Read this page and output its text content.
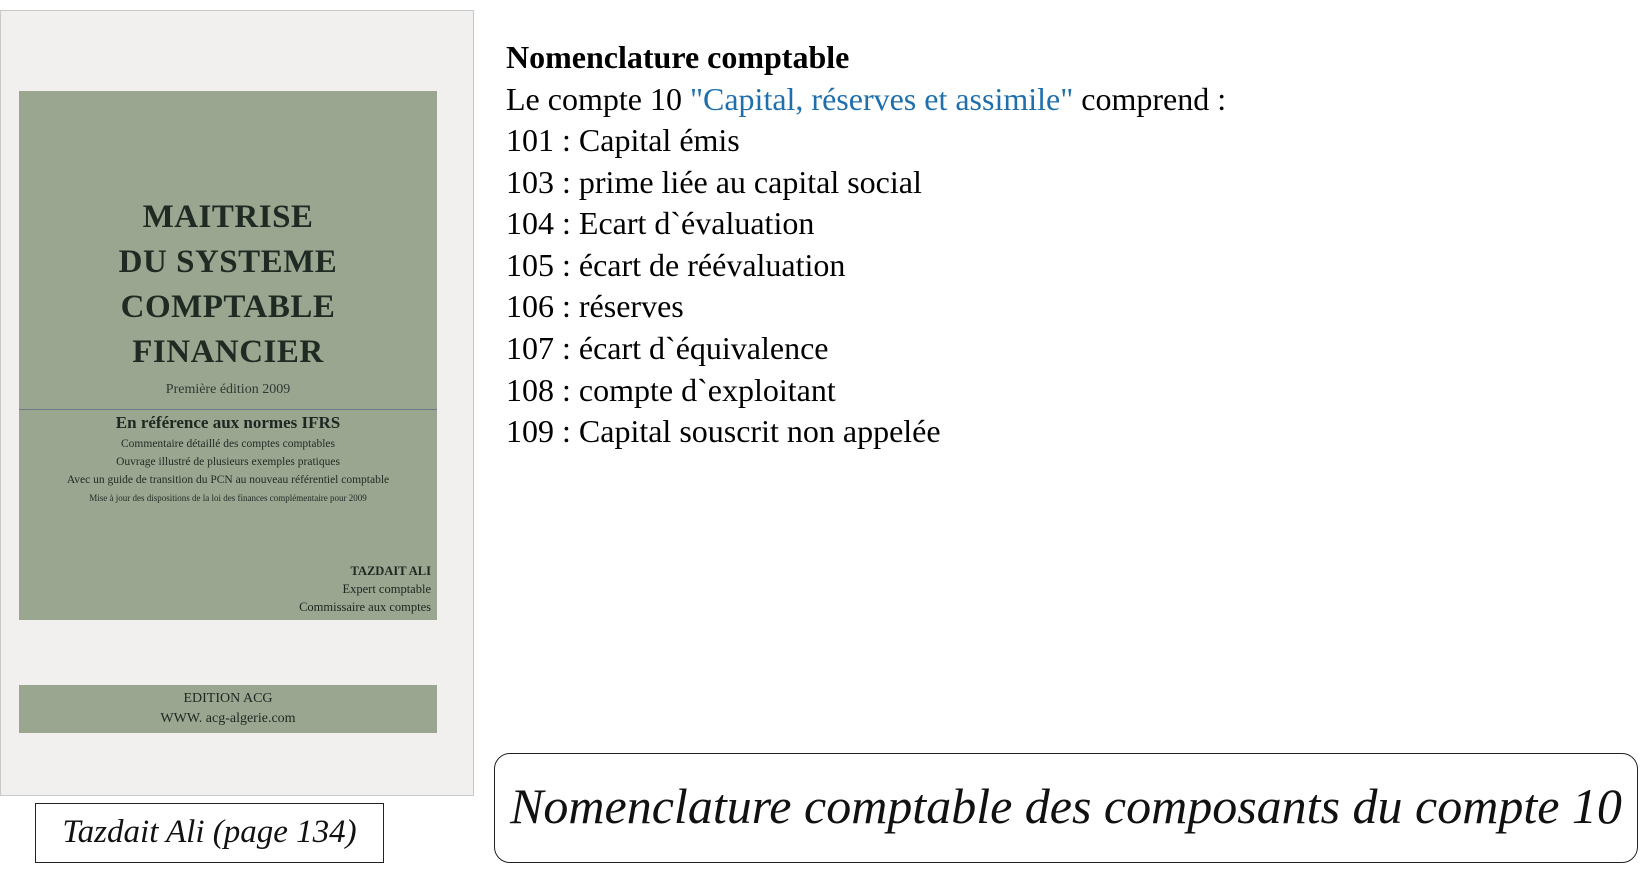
MAITRISE
DU SYSTEME
COMPTABLE
FINANCIER
Première édition 2009
En référence aux normes IFRS
Commentaire détaillé des comptes comptables
Ouvrage illustré de plusieurs exemples pratiques
Avec un guide de transition du PCN au nouveau référentiel comptable
Mise à jour des dispositions de la loi des finances complémentaire pour 2009
TAZDAIT ALI
Expert comptable
Commissaire aux comptes
EDITION ACG
WWW. acg-algerie.com
Tazdait Ali (page 134)
Nomenclature comptable
Le compte 10 "Capital, réserves et assimile" comprend :
101 : Capital émis
103 : prime liée au capital social
104 : Ecart d`évaluation
105 : écart de réévaluation
106 : réserves
107 : écart d`équivalence
108 : compte d`exploitant
109 : Capital souscrit non appelée
Nomenclature comptable des composants du compte 10
